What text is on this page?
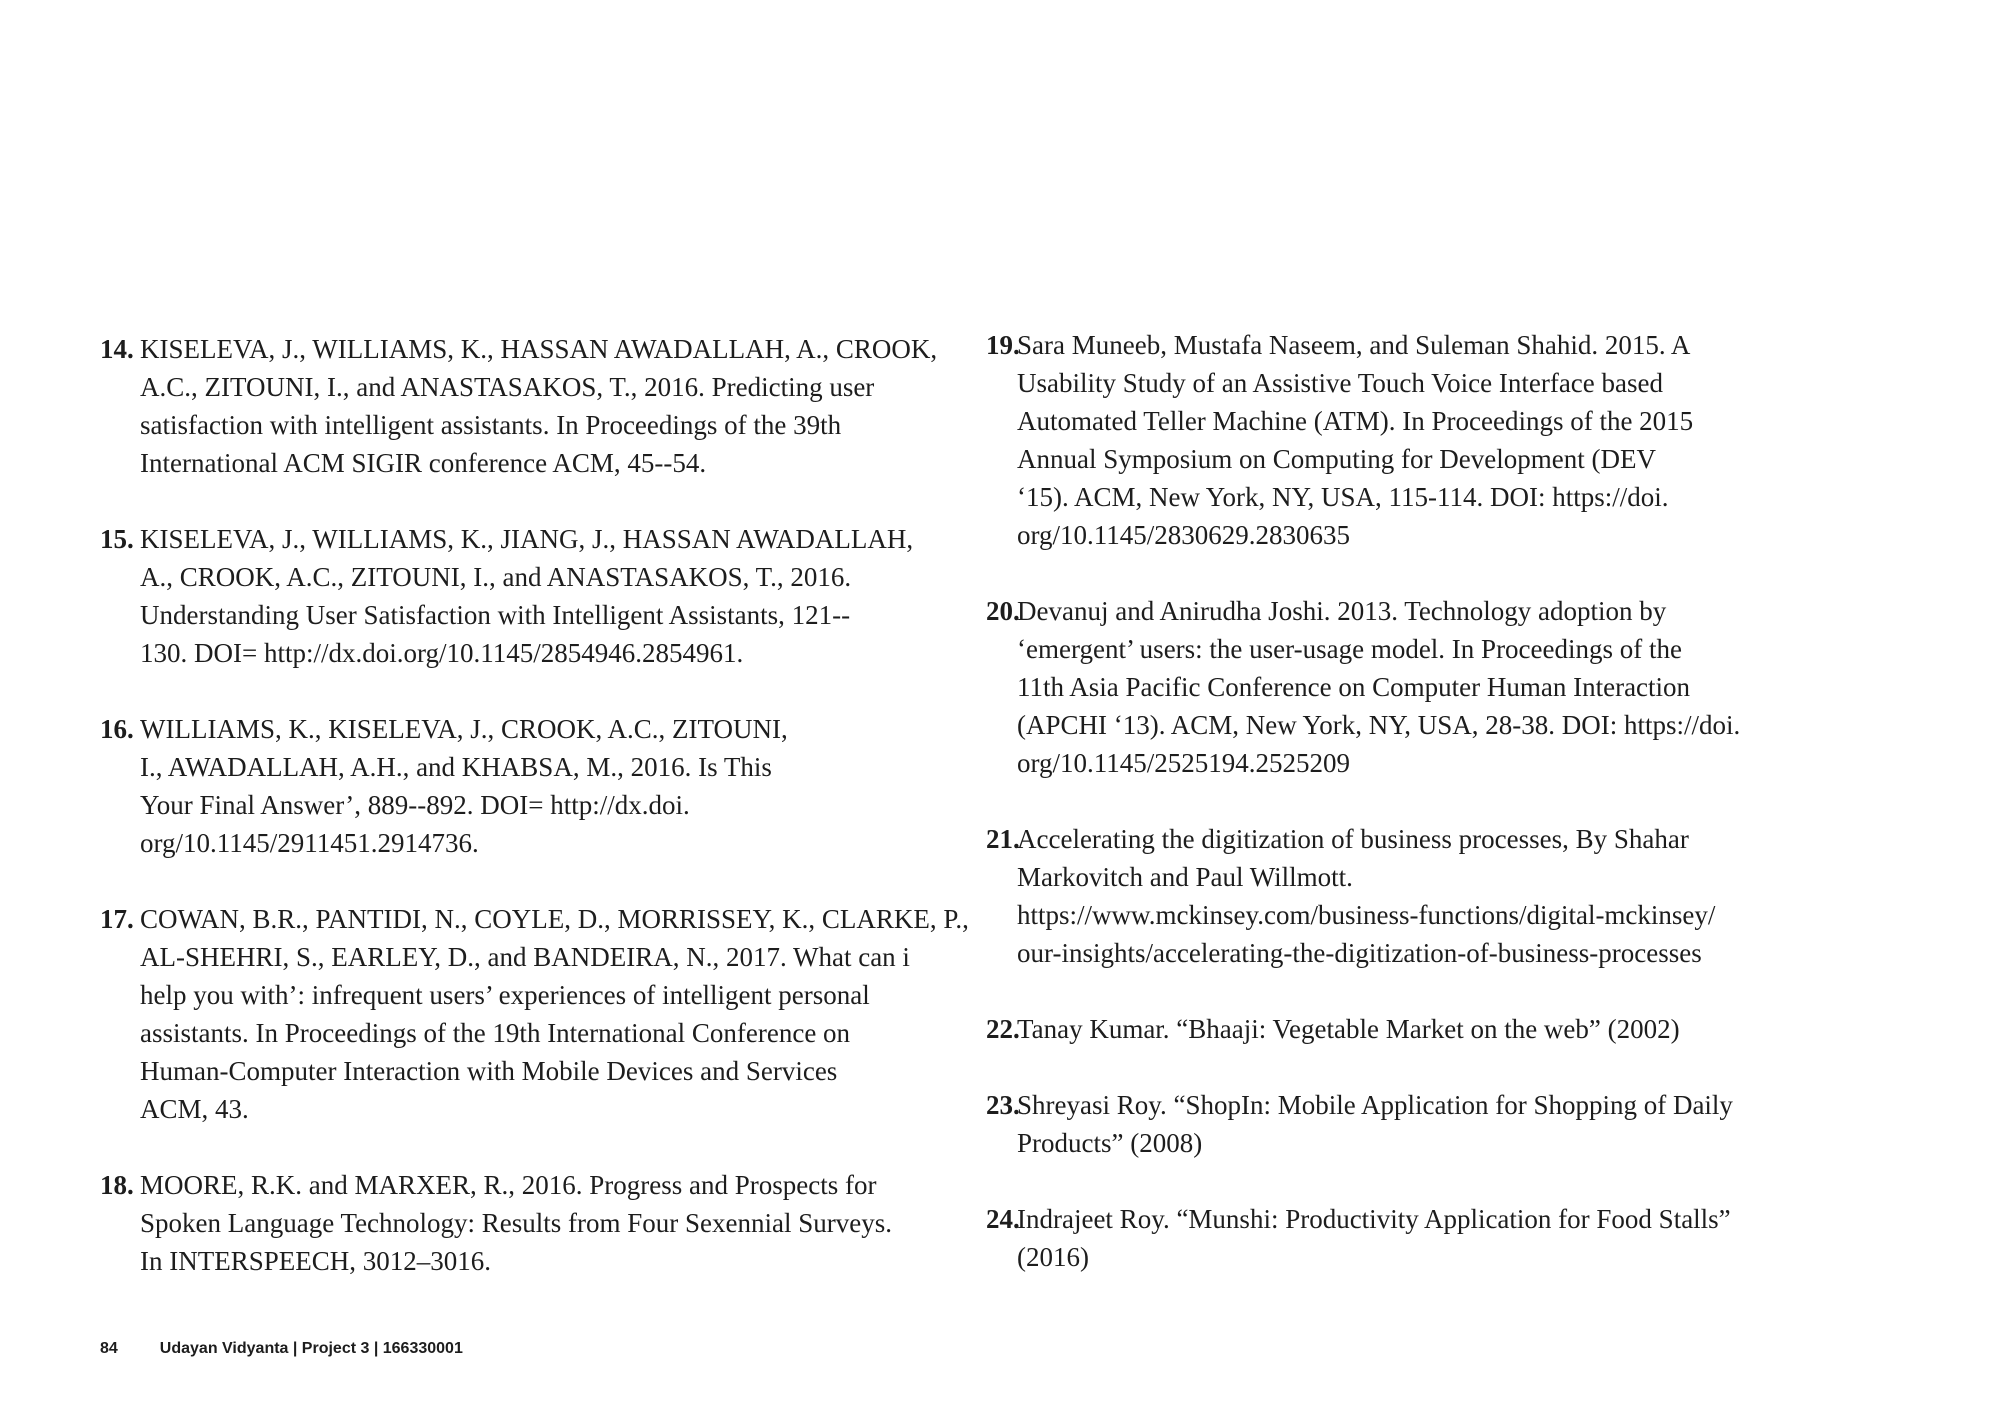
14. KISELEVA, J., WILLIAMS, K., HASSAN AWADALLAH, A., CROOK,
A.C., ZITOUNI, I., and ANASTASAKOS, T., 2016. Predicting user
satisfaction with intelligent assistants. In Proceedings of the 39th
International ACM SIGIR conference ACM, 45--54.
15. KISELEVA, J., WILLIAMS, K., JIANG, J., HASSAN AWADALLAH,
A., CROOK, A.C., ZITOUNI, I., and ANASTASAKOS, T., 2016.
Understanding User Satisfaction with Intelligent Assistants, 121--
130. DOI= http://dx.doi.org/10.1145/2854946.2854961.
16. WILLIAMS, K., KISELEVA, J., CROOK, A.C., ZITOUNI,
I., AWADALLAH, A.H., and KHABSA, M., 2016. Is This
Your Final Answer’, 889--892. DOI= http://dx.doi.
org/10.1145/2911451.2914736.
17. COWAN, B.R., PANTIDI, N., COYLE, D., MORRISSEY, K., CLARKE, P.,
AL-SHEHRI, S., EARLEY, D., and BANDEIRA, N., 2017. What can i
help you with’: infrequent users’ experiences of intelligent personal
assistants. In Proceedings of the 19th International Conference on
Human-Computer Interaction with Mobile Devices and Services
ACM, 43.
18. MOORE, R.K. and MARXER, R., 2016. Progress and Prospects for
Spoken Language Technology: Results from Four Sexennial Surveys.
In INTERSPEECH, 3012–3016.
19.
Sara Muneeb, Mustafa Naseem, and Suleman Shahid. 2015. A
Usability Study of an Assistive Touch Voice Interface based
Automated Teller Machine (ATM). In Proceedings of the 2015
Annual Symposium on Computing for Development (DEV
‘15). ACM, New York, NY, USA, 115-114. DOI: https://doi.
org/10.1145/2830629.2830635
20.
Devanuj and Anirudha Joshi. 2013. Technology adoption by
‘emergent’ users: the user-usage model. In Proceedings of the
11th Asia Pacific Conference on Computer Human Interaction
(APCHI ‘13). ACM, New York, NY, USA, 28-38. DOI: https://doi.
org/10.1145/2525194.2525209
21.
Accelerating the digitization of business processes, By Shahar
Markovitch and Paul Willmott.
https://www.mckinsey.com/business-functions/digital-mckinsey/
our-insights/accelerating-the-digitization-of-business-processes
22.
Tanay Kumar. “Bhaaji: Vegetable Market on the web” (2002)
23.
Shreyasi Roy. “ShopIn: Mobile Application for Shopping of Daily
Products” (2008)
24.
Indrajeet Roy. “Munshi: Productivity Application for Food Stalls”
(2016)
84	Udayan Vidyanta | Project 3 | 166330001
